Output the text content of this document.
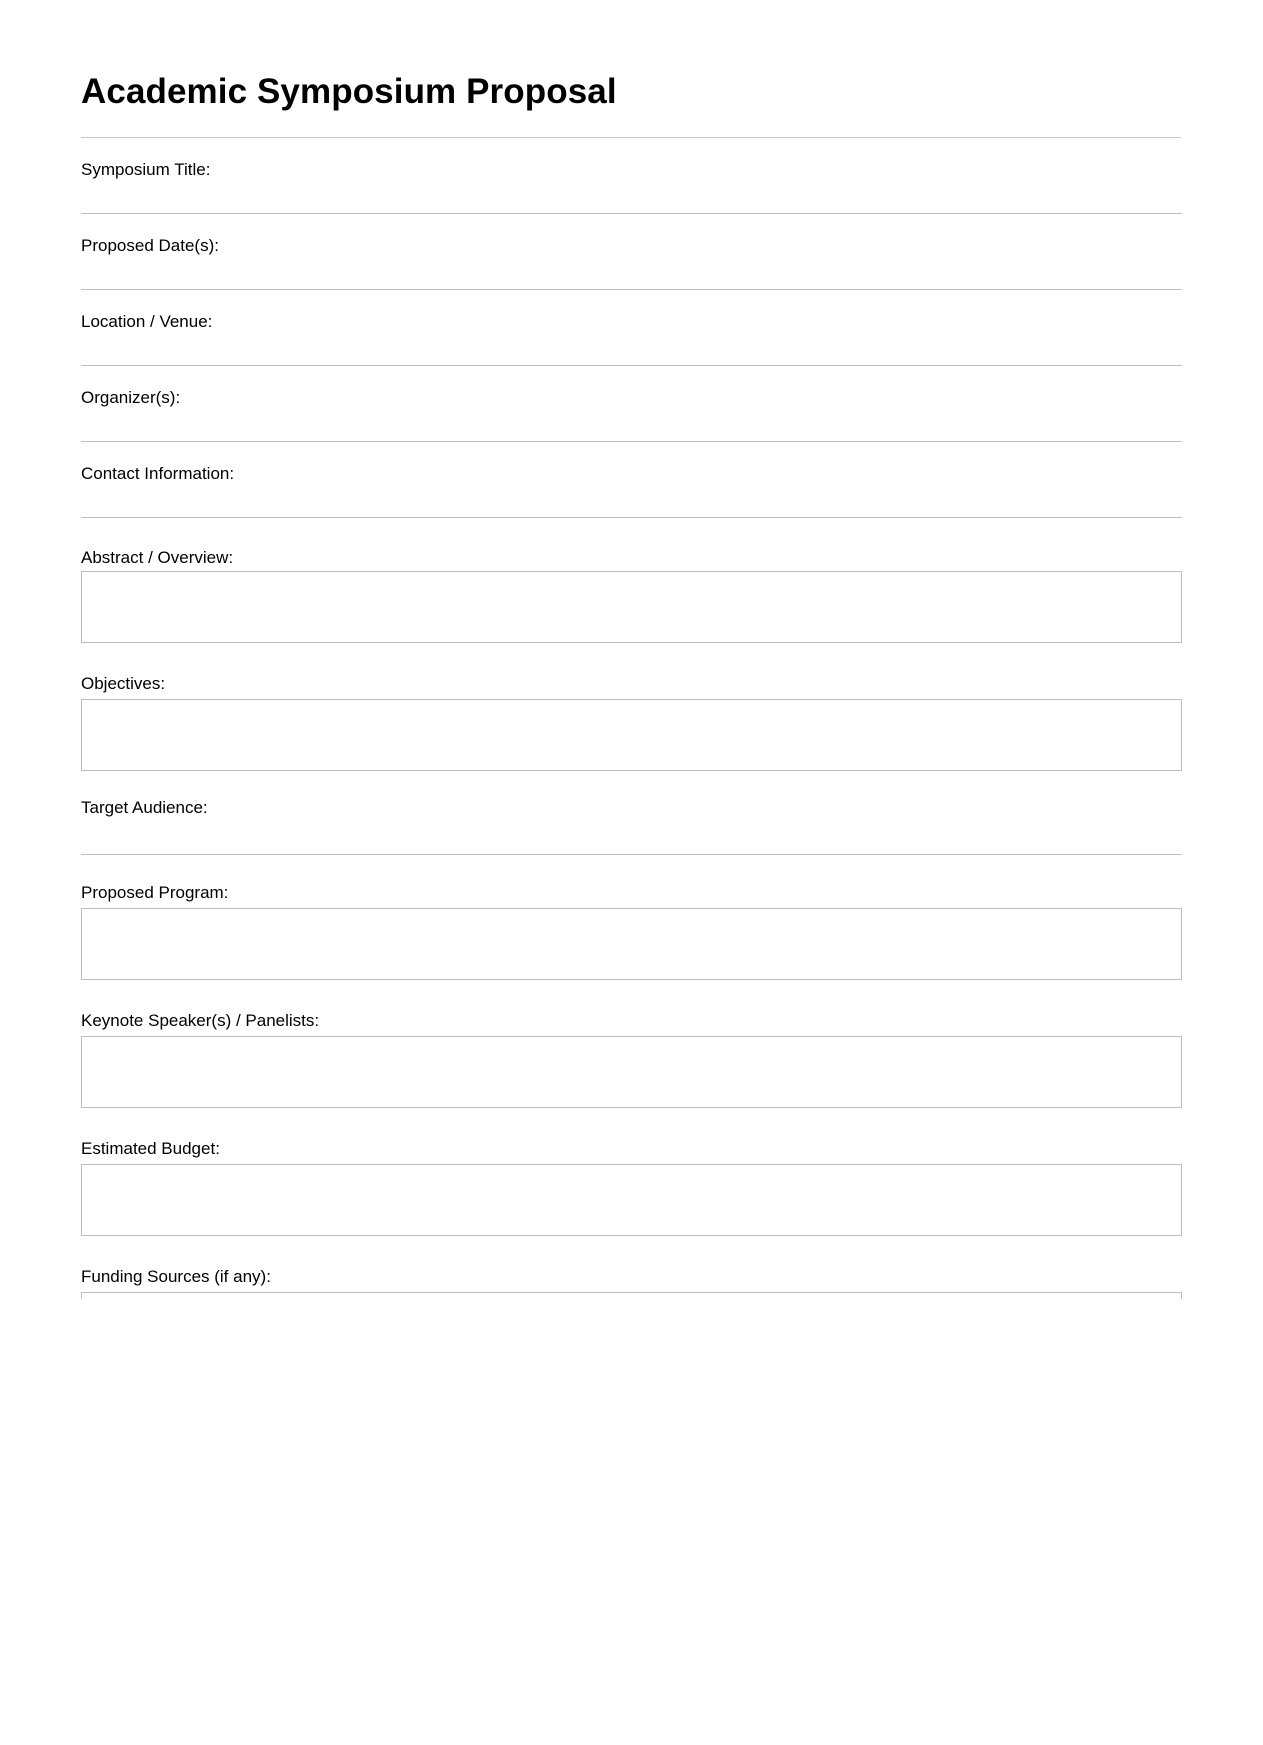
Academic Symposium Proposal
Symposium Title:
Proposed Date(s):
Location / Venue:
Organizer(s):
Contact Information:
Abstract / Overview:
Objectives:
Target Audience:
Proposed Program:
Keynote Speaker(s) / Panelists:
Estimated Budget:
Funding Sources (if any):
